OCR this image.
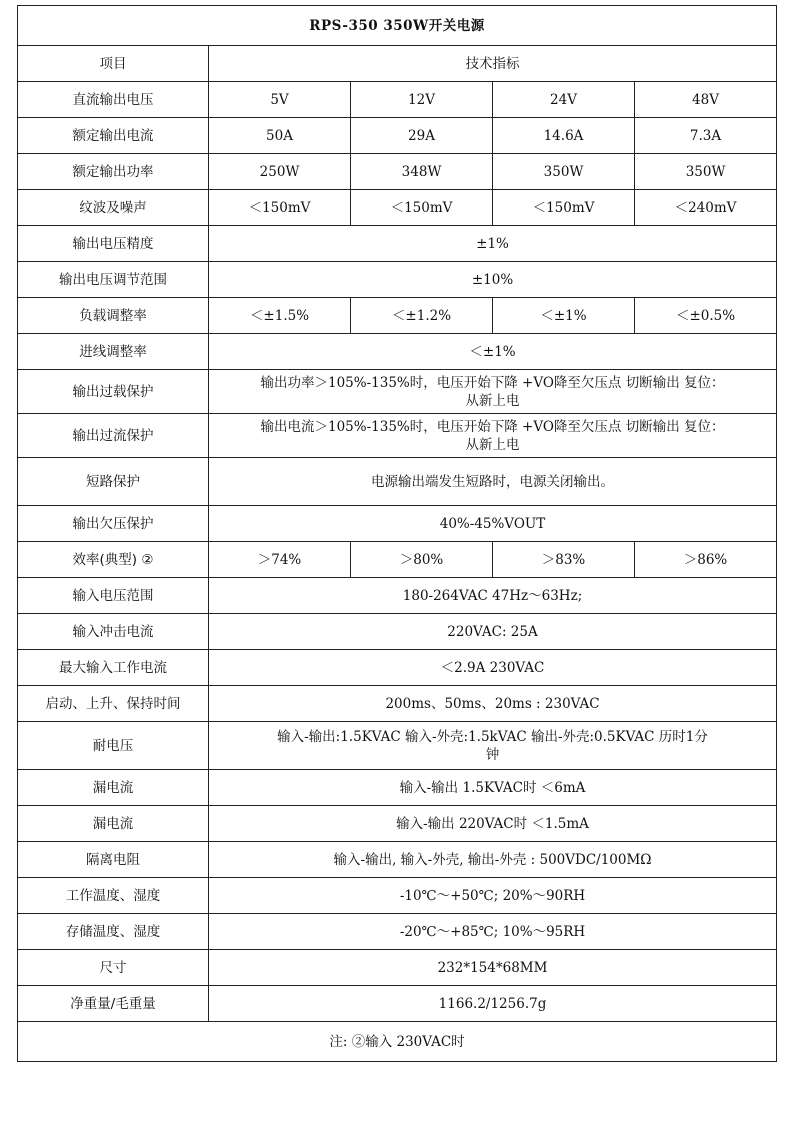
RPS-350 350W开关电源				
项目	技术指标			
直流输出电压	5V	12V	24V	48V
额定输出电流	50A	29A	14.6A	7.3A
额定输出功率	250W	348W	350W	350W
纹波及噪声	＜150mV	＜150mV	＜150mV	＜240mV
输出电压精度	±1%			
输出电压调节范围	±10%			
负载调整率	＜±1.5%	＜±1.2%	＜±1%	＜±0.5%
进线调整率	＜±1%			
输出过载保护	输出功率＞105%-135%时，电压开始下降 +VO降至欠压点 切断输出 复位：
从新上电			

输出过流保护	输出电流＞105%-135%时，电压开始下降 +VO降至欠压点 切断输出 复位：
从新上电			

短路保护	电源输出端发生短路时，电源关闭输出。			
输出欠压保护	40%-45%VOUT			
效率(典型) ②	＞74%	＞80%	＞83%	＞86%
输入电压范围	180-264VAC 47Hz～63Hz;			
输入冲击电流	220VAC: 25A			
最大输入工作电流	＜2.9A 230VAC			
启动、上升、保持时间	200ms、50ms、20ms : 230VAC			
耐电压	输入-输出:1.5KVAC 输入-外壳:1.5kVAC 输出-外壳:0.5KVAC 历时1分
钟			

漏电流	输入-输出 1.5KVAC时 ＜6mA			
漏电流	输入-输出 220VAC时 ＜1.5mA			
隔离电阻	输入-输出, 输入-外壳, 输出-外壳 : 500VDC/100MΩ			
工作温度、湿度	-10℃～+50℃; 20%～90RH			
存储温度、湿度	-20℃～+85℃; 10%～95RH			
尺寸	232*154*68MM			
净重量/毛重量	1166.2/1256.7g			
注: ②输入 230VAC时				
